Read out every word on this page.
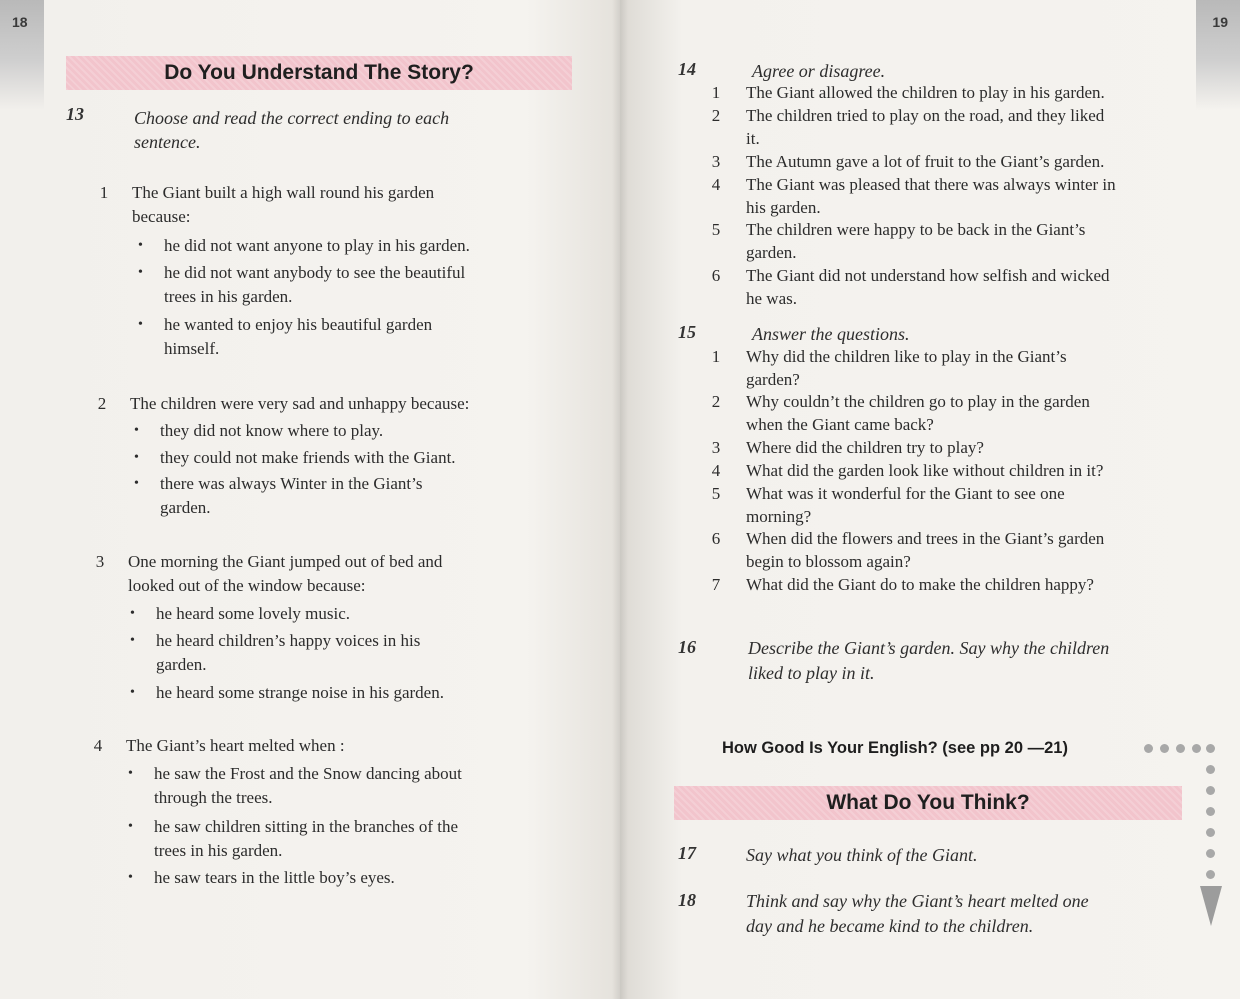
18
Do You Understand The Story?
13	Choose and read the correct ending to each
sentence.
1 The Giant built a high wall round his garden
because:
• he did not want anyone to play in his garden.
• he did not want anybody to see the beautiful
trees in his garden.
• he wanted to enjoy his beautiful garden
himself.
2 The children were very sad and unhappy because:
• they did not know where to play.
• they could not make friends with the Giant.
• there was always Winter in the Giant’s
garden.
3 One morning the Giant jumped out of bed and
looked out of the window because:
• he heard some lovely music.
• he heard children’s happy voices in his
garden.
• he heard some strange noise in his garden.
4 The Giant’s heart melted when :
• he saw the Frost and the Snow dancing about
through the trees.
• he saw children sitting in the branches of the
trees in his garden.
• he saw tears in the little boy’s eyes.
19
14	Agree or disagree.
1 The Giant allowed the children to play in his garden.
2 The children tried to play on the road, and they liked
it.
3 The Autumn gave a lot of fruit to the Giant’s garden.
4 The Giant was pleased that there was always winter in
his garden.
5 The children were happy to be back in the Giant’s
garden.
6 The Giant did not understand how selfish and wicked
he was.
15	Answer the questions.
1 Why did the children like to play in the Giant’s
garden?
2 Why couldn’t the children go to play in the garden
when the Giant came back?
3 Where did the children try to play?
4 What did the garden look like without children in it?
5 What was it wonderful for the Giant to see one
morning?
6 When did the flowers and trees in the Giant’s garden
begin to blossom again?
7 What did the Giant do to make the children happy?
16	Describe the Giant’s garden. Say why the children
liked to play in it.
How Good Is Your English? (see pp 20 —21)
What Do You Think?
17	Say what you think of the Giant.
18	Think and say why the Giant’s heart melted one
day and he became kind to the children.
